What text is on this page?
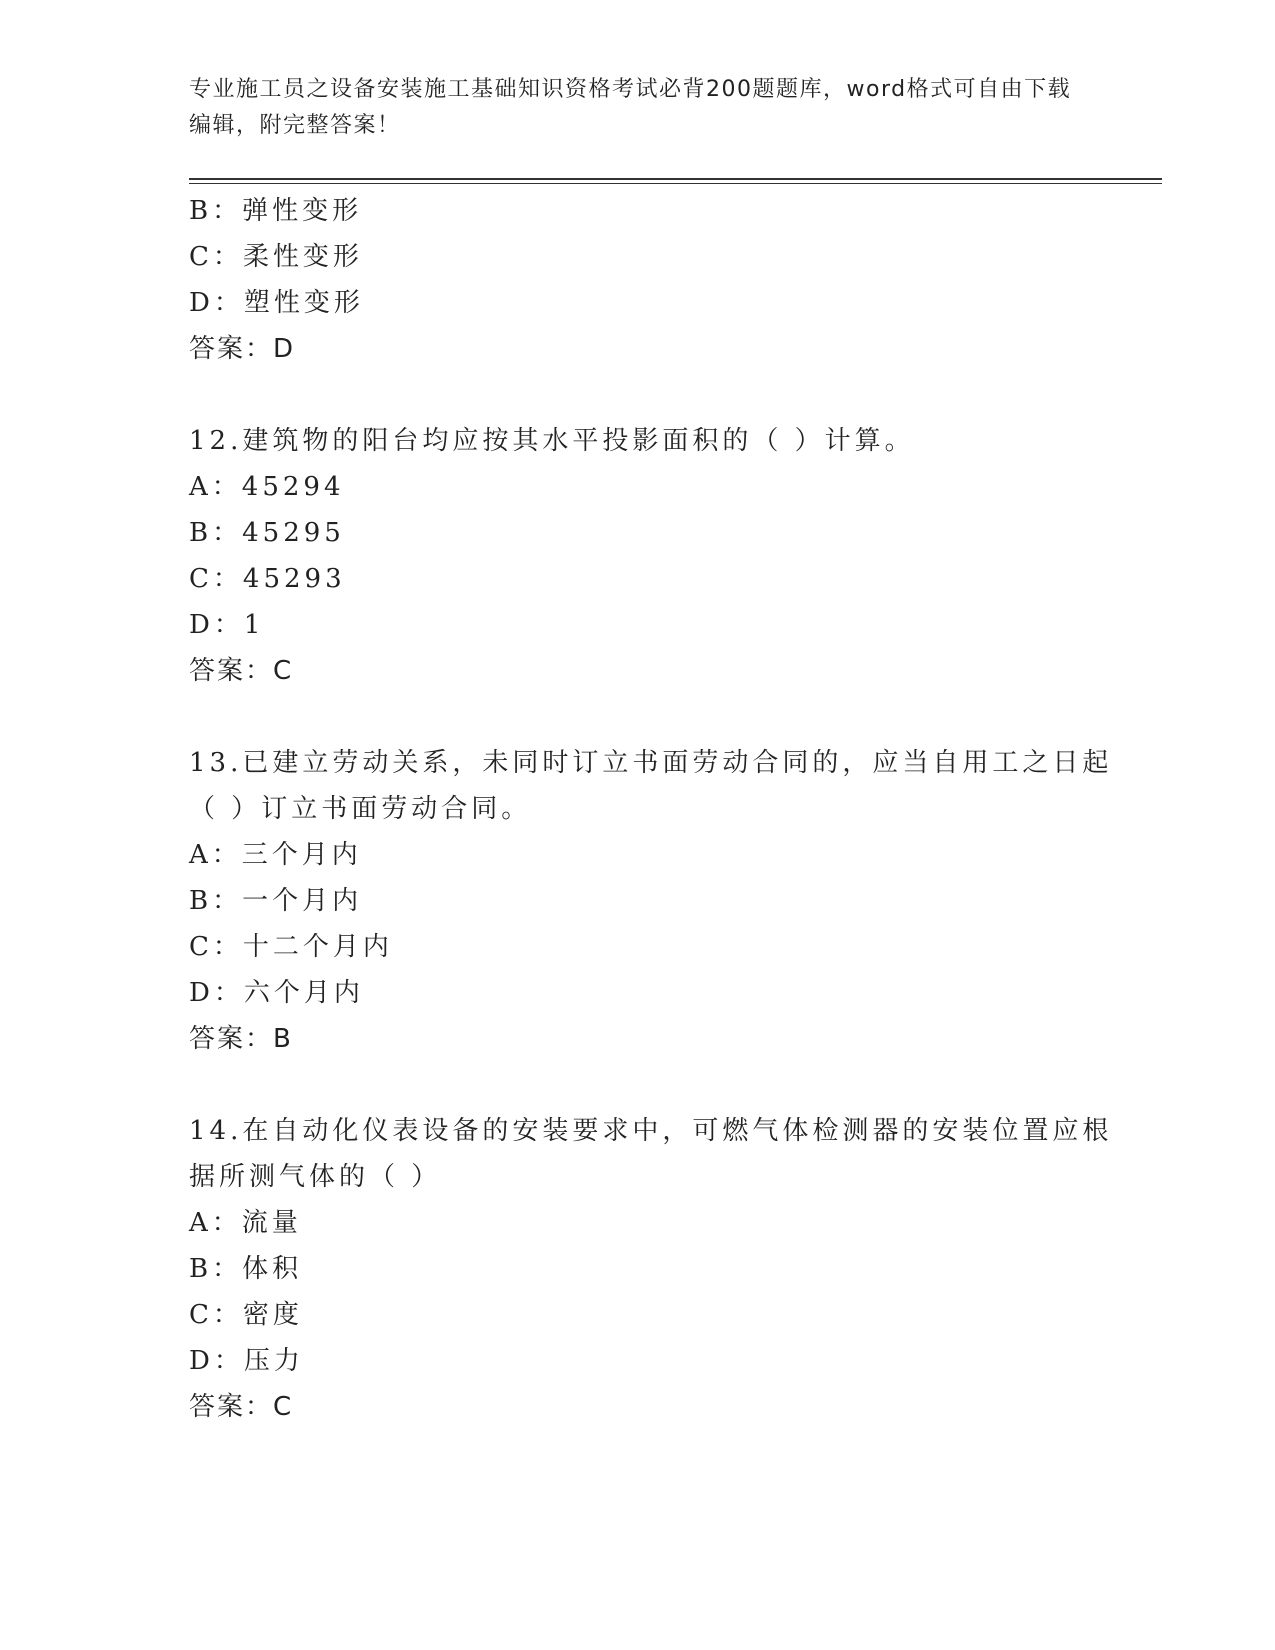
专业施工员之设备安装施工基础知识资格考试必背200题题库，word格式可自由下载编辑，附完整答案！
B：弹性变形
C：柔性变形
D：塑性变形
答案：D
12.建筑物的阳台均应按其水平投影面积的（ ）计算。
A：45294
B：45295
C：45293
D：1
答案：C
13.已建立劳动关系，未同时订立书面劳动合同的，应当自用工之日起
（ ）订立书面劳动合同。
A：三个月内
B：一个月内
C：十二个月内
D：六个月内
答案：B
14.在自动化仪表设备的安装要求中，可燃气体检测器的安装位置应根
据所测气体的（ ）
A：流量
B：体积
C：密度
D：压力
答案：C
